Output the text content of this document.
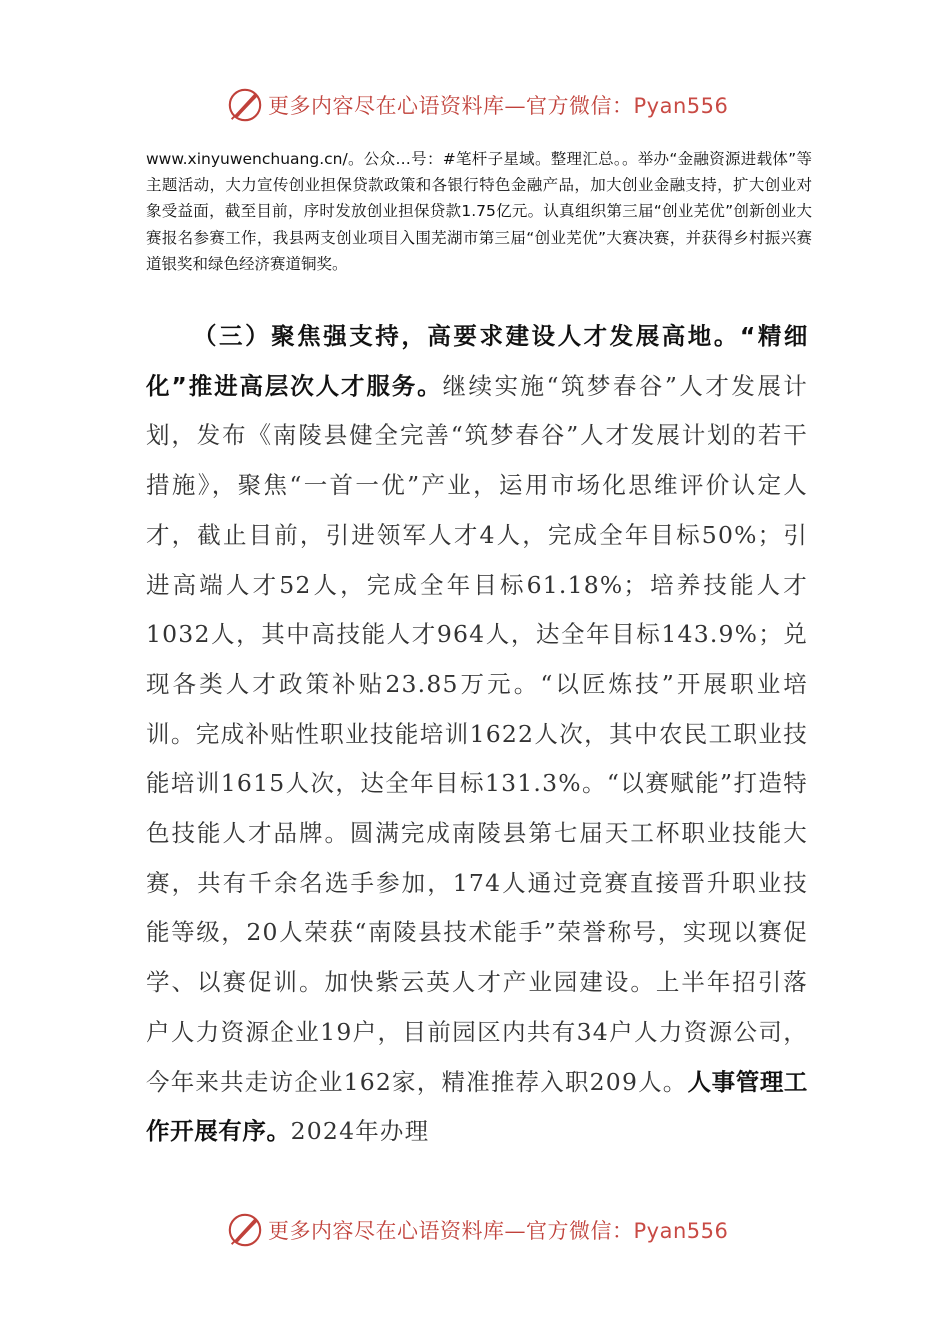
更多内容尽在心语资料库—官方微信：Pyan556

www.xinyuwenchuang.cn/。公众…号：#笔杆子星域。整理汇总。。举办“金融资源进载体”等主题活动，大力宣传创业担保贷款政策和各银行特色金融产品，加大创业金融支持，扩大创业对象受益面，截至目前，序时发放创业担保贷款1.75亿元。认真组织第三届“创业芜优”创新创业大赛报名参赛工作，我县两支创业项目入围芜湖市第三届“创业芜优”大赛决赛，并获得乡村振兴赛道银奖和绿色经济赛道铜奖。

（三）聚焦强支持，高要求建设人才发展高地。“精细化”推进高层次人才服务。继续实施“筑梦春谷”人才发展计划，发布《南陵县健全完善“筑梦春谷”人才发展计划的若干措施》，聚焦“一首一优”产业，运用市场化思维评价认定人才，截止目前，引进领军人才4人，完成全年目标50%；引进高端人才52人，完成全年目标61.18%；培养技能人才1032人，其中高技能人才964人，达全年目标143.9%；兑现各类人才政策补贴23.85万元。“以匠炼技”开展职业培训。完成补贴性职业技能培训1622人次，其中农民工职业技能培训1615人次，达全年目标131.3%。“以赛赋能”打造特色技能人才品牌。圆满完成南陵县第七届天工杯职业技能大赛，共有千余名选手参加，174人通过竞赛直接晋升职业技能等级，20人荣获“南陵县技术能手”荣誉称号，实现以赛促学、以赛促训。加快紫云英人才产业园建设。上半年招引落户人力资源企业19户，目前园区内共有34户人力资源公司，今年来共走访企业162家，精准推荐入职209人。人事管理工作开展有序。2024年办理

更多内容尽在心语资料库—官方微信：Pyan556
